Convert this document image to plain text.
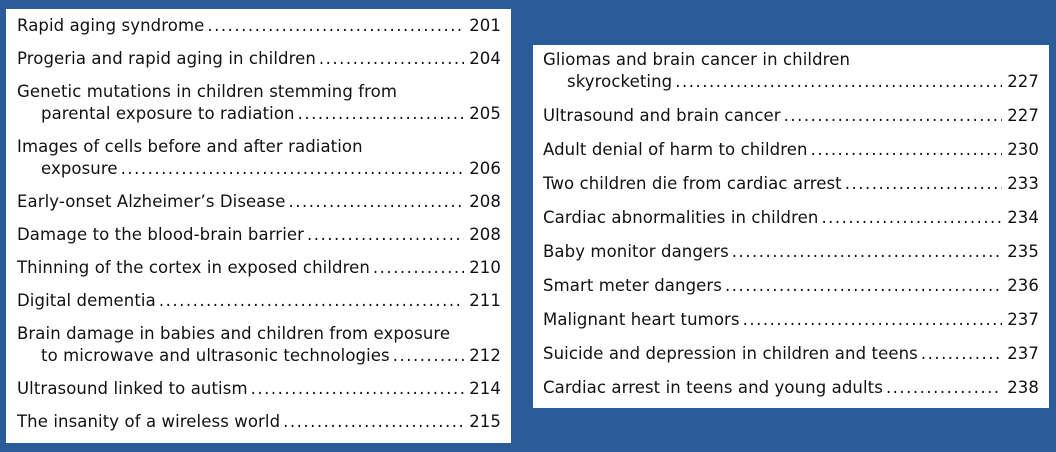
Rapid aging syndrome .....	201
Progeria and rapid aging in children .....	204
Genetic mutations in children stemming from
parental exposure to radiation .....	205
Images of cells before and after radiation
exposure .....	206
Early-onset Alzheimer’s Disease .....	208
Damage to the blood-brain barrier .....	208
Thinning of the cortex in exposed children .....	210
Digital dementia .....	211
Brain damage in babies and children from exposure
to microwave and ultrasonic technologies .....	212
Ultrasound linked to autism .....	214
The insanity of a wireless world .....	215
Gliomas and brain cancer in children
skyrocketing .....	227
Ultrasound and brain cancer .....	227
Adult denial of harm to children .....	230
Two children die from cardiac arrest .....	233
Cardiac abnormalities in children .....	234
Baby monitor dangers .....	235
Smart meter dangers .....	236
Malignant heart tumors .....	237
Suicide and depression in children and teens .....	237
Cardiac arrest in teens and young adults .....	238
